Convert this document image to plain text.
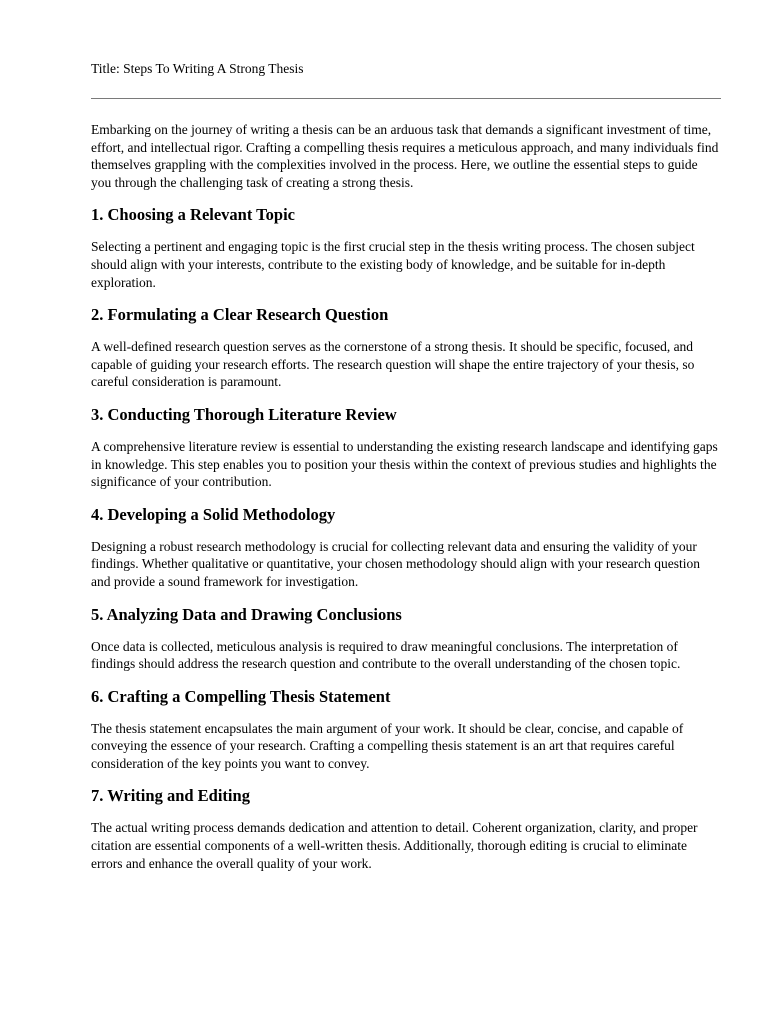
Title: Steps To Writing A Strong Thesis

Embarking on the journey of writing a thesis can be an arduous task that demands a significant investment of time, effort, and intellectual rigor. Crafting a compelling thesis requires a meticulous approach, and many individuals find themselves grappling with the complexities involved in the process. Here, we outline the essential steps to guide you through the challenging task of creating a strong thesis.

1. Choosing a Relevant Topic

Selecting a pertinent and engaging topic is the first crucial step in the thesis writing process. The chosen subject should align with your interests, contribute to the existing body of knowledge, and be suitable for in-depth exploration.

2. Formulating a Clear Research Question

A well-defined research question serves as the cornerstone of a strong thesis. It should be specific, focused, and capable of guiding your research efforts. The research question will shape the entire trajectory of your thesis, so careful consideration is paramount.

3. Conducting Thorough Literature Review

A comprehensive literature review is essential to understanding the existing research landscape and identifying gaps in knowledge. This step enables you to position your thesis within the context of previous studies and highlights the significance of your contribution.

4. Developing a Solid Methodology

Designing a robust research methodology is crucial for collecting relevant data and ensuring the validity of your findings. Whether qualitative or quantitative, your chosen methodology should align with your research question and provide a sound framework for investigation.

5. Analyzing Data and Drawing Conclusions

Once data is collected, meticulous analysis is required to draw meaningful conclusions. The interpretation of findings should address the research question and contribute to the overall understanding of the chosen topic.

6. Crafting a Compelling Thesis Statement

The thesis statement encapsulates the main argument of your work. It should be clear, concise, and capable of conveying the essence of your research. Crafting a compelling thesis statement is an art that requires careful consideration of the key points you want to convey.

7. Writing and Editing

The actual writing process demands dedication and attention to detail. Coherent organization, clarity, and proper citation are essential components of a well-written thesis. Additionally, thorough editing is crucial to eliminate errors and enhance the overall quality of your work.
